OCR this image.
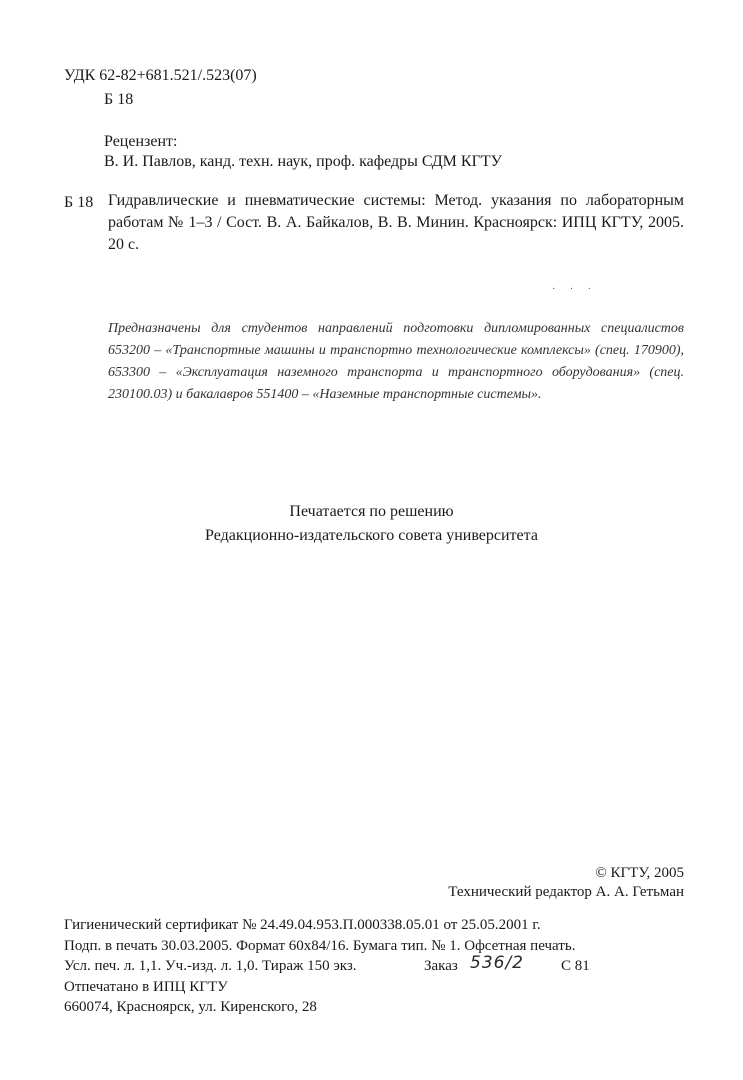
УДК 62-82+681.521/.523(07)
Б 18
Рецензент:
В. И. Павлов, канд. техн. наук, проф. кафедры СДМ КГТУ
Б 18 Гидравлические и пневматические системы: Метод. указания по лабораторным работам № 1–3 / Сост. В. А. Байкалов, В. В. Минин. Красноярск: ИПЦ КГТУ, 2005. 20 с.
· · ·
Предназначены для студентов направлений подготовки дипломированных специалистов 653200 – «Транспортные машины и транспортно технологические комплексы» (спец. 170900), 653300 – «Эксплуатация наземного транспорта и транспортного оборудования» (спец. 230100.03) и бакалавров 551400 – «Наземные транспортные системы».
Печатается по решению
Редакционно-издательского совета университета
© КГТУ, 2005
Технический редактор А. А. Гетьман
Гигиенический сертификат № 24.49.04.953.П.000338.05.01 от 25.05.2001 г.
Подп. в печать 30.03.2005. Формат 60х84/16. Бумага тип. № 1. Офсетная печать.
Усл. печ. л. 1,1. Уч.-изд. л. 1,0. Тираж 150 экз.	Заказ 536/2 С 81
Отпечатано в ИПЦ КГТУ
660074, Красноярск, ул. Киренского, 28
